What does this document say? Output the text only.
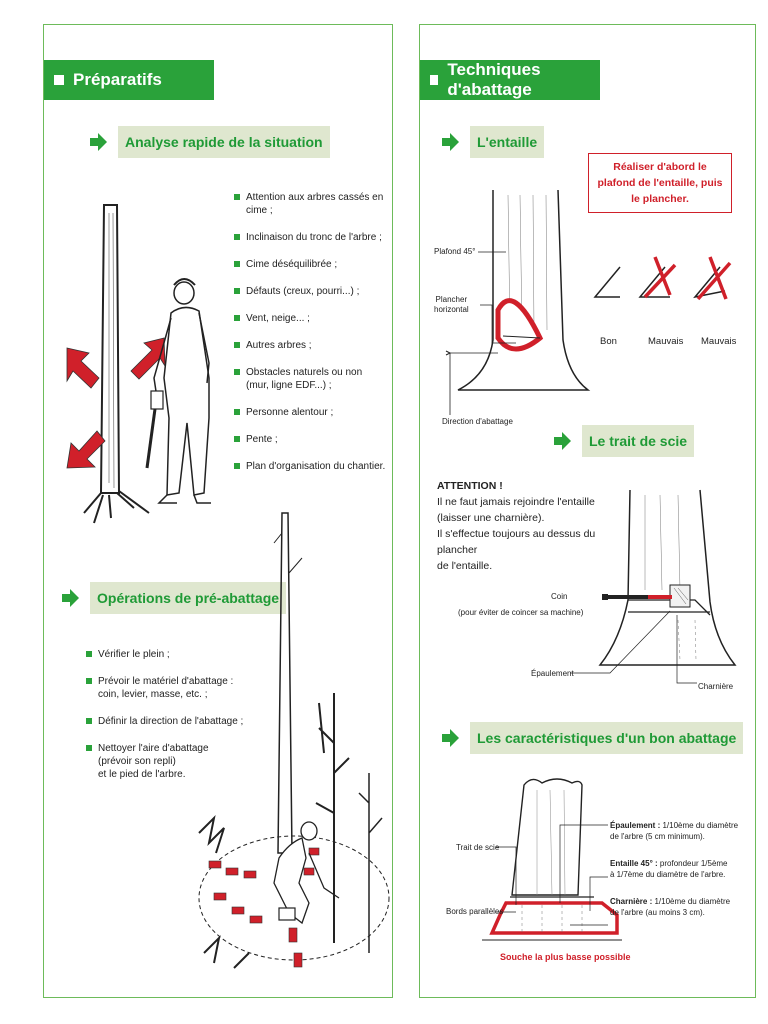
Préparatifs
Analyse rapide de la situation
Attention aux arbres cassés en cime ;
Inclinaison du tronc de l'arbre ;
Cime déséquilibrée ;
Défauts (creux, pourri...) ;
Vent, neige... ;
Autres arbres ;
Obstacles naturels ou non
(mur, ligne EDF...) ;
Personne alentour ;
Pente ;
Plan d'organisation du chantier.
Opérations de pré-abattage
Vérifier le plein ;
Prévoir le matériel d'abattage :
coin, levier, masse, etc. ;
Définir la direction de l'abattage ;
Nettoyer l'aire d'abattage
(prévoir son repli)
et le pied de l'arbre.
Techniques d'abattage
L'entaille
Réaliser d'abord le plafond de l'entaille, puis le plancher.
Plafond 45°
Plancher
horizontal
Direction d'abattage
Bon	Mauvais Mauvais
Le trait de scie
ATTENTION !
Il ne faut jamais rejoindre l'entaille
(laisser une charnière).
Il s'effectue toujours au dessus du plancher
de l'entaille.
Coin
(pour éviter de coincer sa machine)
Épaulement
Charnière
Les caractéristiques d'un bon abattage
Trait de scie
Bords parallèles
Souche la plus basse possible
Épaulement : 1/10ème du diamètre
de l'arbre (5 cm minimum).
Entaille 45° : profondeur 1/5ème
à 1/7ème du diamètre de l'arbre.
Charnière : 1/10ème du diamètre
de l'arbre (au moins 3 cm).
